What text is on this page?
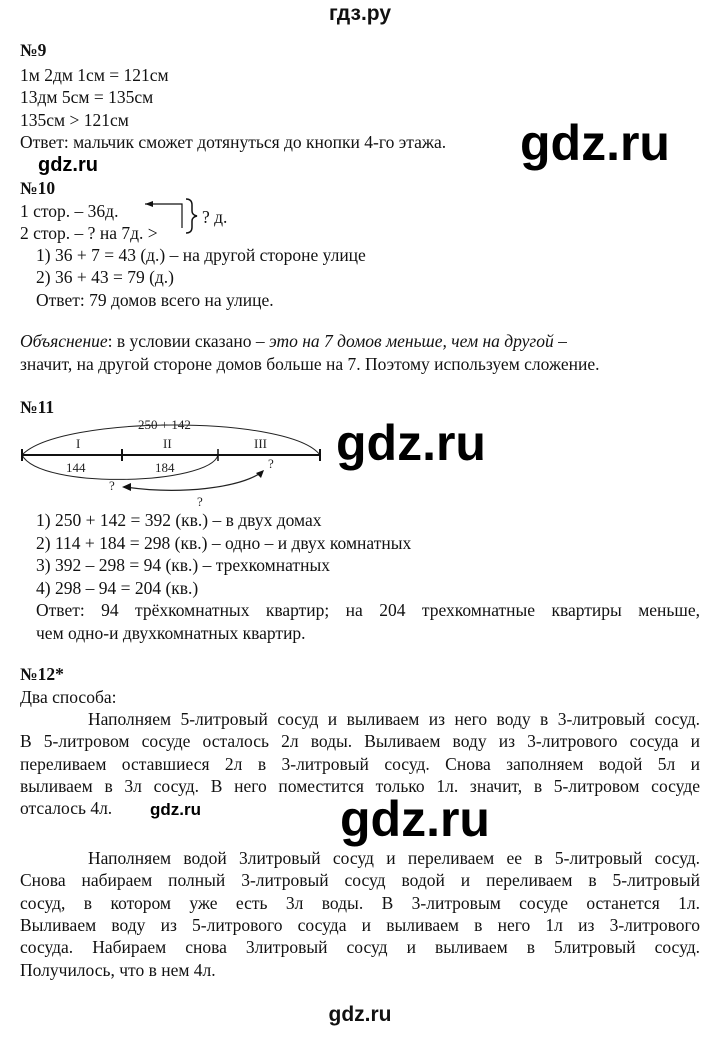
гдз.ру
gdz.ru
gdz.ru
gdz.ru
gdz.ru	gdz.ru
? д.
250 + 142
I	II	III
144	184	?
?
?
gdz.ru
№9
1м 2дм 1см = 121см
13дм 5см = 135см
135см > 121см
Ответ: мальчик сможет дотянуться до кнопки 4-го этажа.
№10
1 стор. – 36д.
2 стор. – ? на 7д. >
1) 36 + 7 = 43 (д.) – на другой стороне улице
2) 36 + 43 = 79 (д.)
Ответ: 79 домов всего на улице.
Объяснение: в условии сказано – это на 7 домов меньше, чем на другой –
значит, на другой стороне домов больше на 7. Поэтому используем сложение.
№11
1) 250 + 142 = 392 (кв.) – в двух домах
2) 114 + 184 = 298 (кв.) – одно – и двух комнатных
3) 392 – 298 = 94 (кв.) – трехкомнатных
4) 298 – 94 = 204 (кв.)
Ответ: 94 трёхкомнатных квартир; на 204 трехкомнатные квартиры меньше,
чем одно-и двухкомнатных квартир.
№12*
Два способа:
Наполняем 5-литровый сосуд и выливаем из него воду в 3-литровый сосуд.
В 5-литровом сосуде осталось 2л воды. Выливаем воду из 3-литрового сосуда и
переливаем оставшиеся 2л в 3-литровый сосуд. Снова заполняем водой 5л и
выливаем в 3л сосуд. В него поместится только 1л. значит, в 5-литровом сосуде
отсалось 4л.
Наполняем водой 3литровый сосуд и переливаем ее в 5-литровый сосуд.
Снова набираем полный 3-литровый сосуд водой и переливаем в 5-литровый
сосуд, в котором уже есть 3л воды. В 3-литровым сосуде останется 1л.
Выливаем воду из 5-литрового сосуда и выливаем в него 1л из 3-литрового
сосуда. Набираем снова 3литровый сосуд и выливаем в 5литровый сосуд.
Получилось, что в нем 4л.
